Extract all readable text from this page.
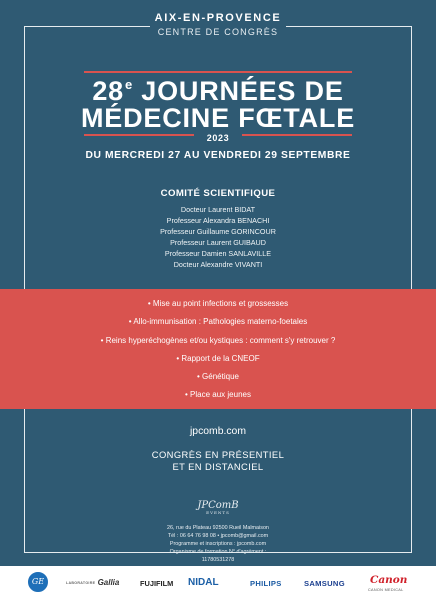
AIX-EN-PROVENCE
CENTRE DE CONGRÈS
28e JOURNÉES DE
MÉDECINE FŒTALE
2023
DU MERCREDI 27 AU VENDREDI 29 SEPTEMBRE
COMITÉ SCIENTIFIQUE
Docteur Laurent BIDAT
Professeur Alexandra BENACHI
Professeur Guillaume GORINCOUR
Professeur Laurent GUIBAUD
Professeur Damien SANLAVILLE
Docteur Alexandre VIVANTI
• Mise au point infections et grossesses
• Allo-immunisation : Pathologies materno-foetales
• Reins hyperéchogènes et/ou kystiques : comment s'y retrouver ?
• Rapport de la CNEOF
• Génétique
• Place aux jeunes
jpcomb.com
CONGRÈS EN PRÉSENTIEL
ET EN DISTANCIEL
JPComB
EVENTS
26, rue du Plateau 92500 Rueil Malmaison
Tél : 06 64 76 98 08 • jpcomb@gmail.com
Programme et inscriptions : jpcomb.com
Organisme de formation N° d'agrément :
11780531278
GE	LABORATOIRE Gallia	FUJIFILM NIDAL	PHILIPS	SAMSUNG Canon
CANON MEDICAL
